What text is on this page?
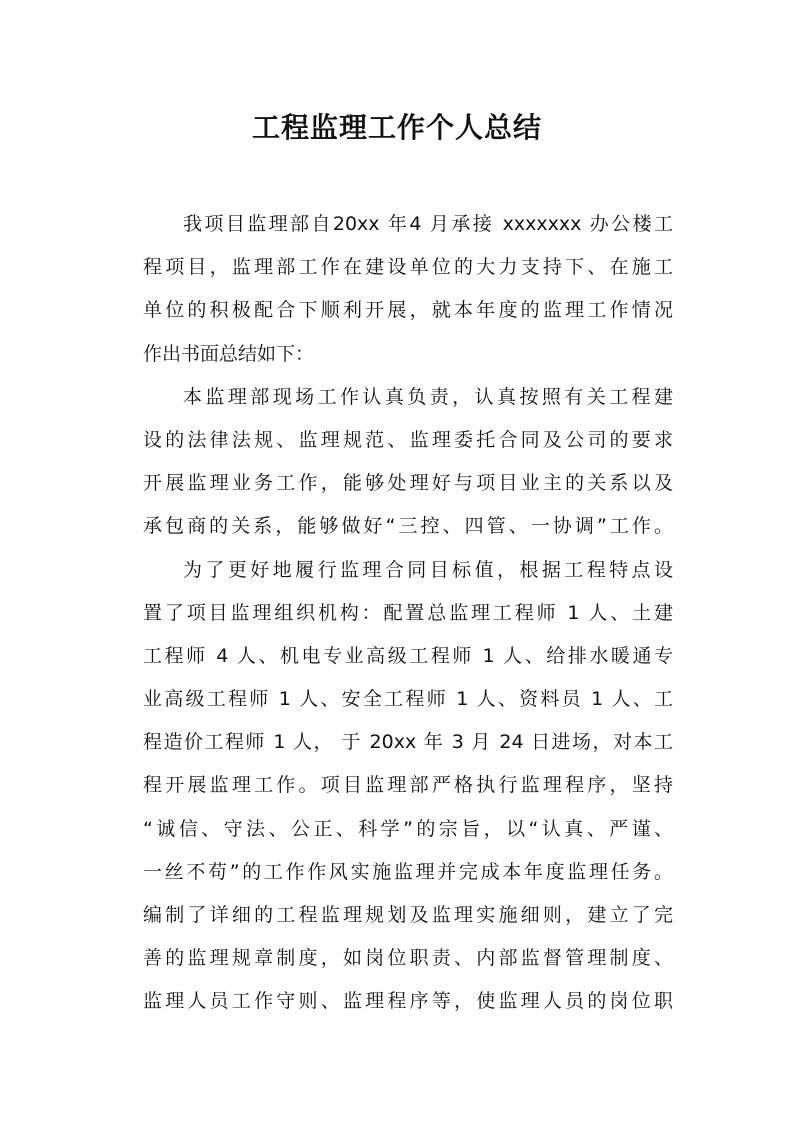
工程监理工作个人总结
我项目监理部自20xx 年4 月承接 xxxxxxx 办公楼工
程项目，监理部工作在建设单位的大力支持下、在施工
单位的积极配合下顺利开展，就本年度的监理工作情况
作出书面总结如下：
本监理部现场工作认真负责，认真按照有关工程建
设的法律法规、监理规范、监理委托合同及公司的要求
开展监理业务工作，能够处理好与项目业主的关系以及
承包商的关系，能够做好“三控、四管、一协调”工作。
为了更好地履行监理合同目标值，根据工程特点设
置了项目监理组织机构：配置总监理工程师 1 人、土建
工程师 4 人、机电专业高级工程师 1 人、给排水暖通专
业高级工程师 1 人、安全工程师 1 人、资料员 1 人、工
程造价工程师 1 人， 于 20xx 年 3 月 24 日进场，对本工
程开展监理工作。项目监理部严格执行监理程序，坚持
“诚信、守法、公正、科学”的宗旨，以“认真、严谨、
一丝不苟”的工作作风实施监理并完成本年度监理任务。
编制了详细的工程监理规划及监理实施细则，建立了完
善的监理规章制度，如岗位职责、内部监督管理制度、
监理人员工作守则、监理程序等，使监理人员的岗位职
